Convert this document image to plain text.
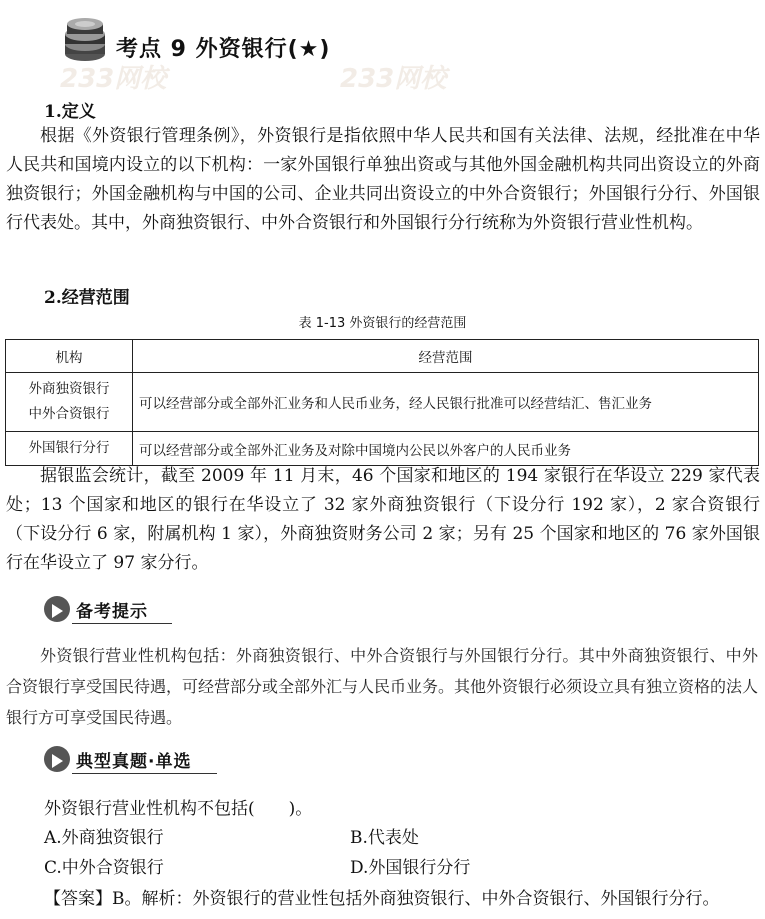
考点 9 外资银行(★)
233网校	233网校
1.定义
根据《外资银行管理条例》，外资银行是指依照中华人民共和国有关法律、法规，经批准在中华人民共和国境内设立的以下机构：一家外国银行单独出资或与其他外国金融机构共同出资设立的外商独资银行；外国金融机构与中国的公司、企业共同出资设立的中外合资银行；外国银行分行、外国银行代表处。其中，外商独资银行、中外合资银行和外国银行分行统称为外资银行营业性机构。
2.经营范围
表 1-13 外资银行的经营范围
机构	经营范围

外商独资银行
中外合资银行	可以经营部分或全部外汇业务和人民币业务，经人民银行批准可以经营结汇、售汇业务

外国银行分行	可以经营部分或全部外汇业务及对除中国境内公民以外客户的人民币业务
据银监会统计，截至 2009 年 11 月末，46 个国家和地区的 194 家银行在华设立 229 家代表处；13 个国家和地区的银行在华设立了 32 家外商独资银行（下设分行 192 家），2 家合资银行（下设分行 6 家，附属机构 1 家），外商独资财务公司 2 家；另有 25 个国家和地区的 76 家外国银行在华设立了 97 家分行。
备考提示
外资银行营业性机构包括：外商独资银行、中外合资银行与外国银行分行。其中外商独资银行、中外合资银行享受国民待遇，可经营部分或全部外汇与人民币业务。其他外资银行必须设立具有独立资格的法人银行方可享受国民待遇。
典型真题·单选
外资银行营业性机构不包括(　　)。
A.外商独资银行	B.代表处
C.中外合资银行	D.外国银行分行
【答案】B。解析：外资银行的营业性包括外商独资银行、中外合资银行、外国银行分行。
